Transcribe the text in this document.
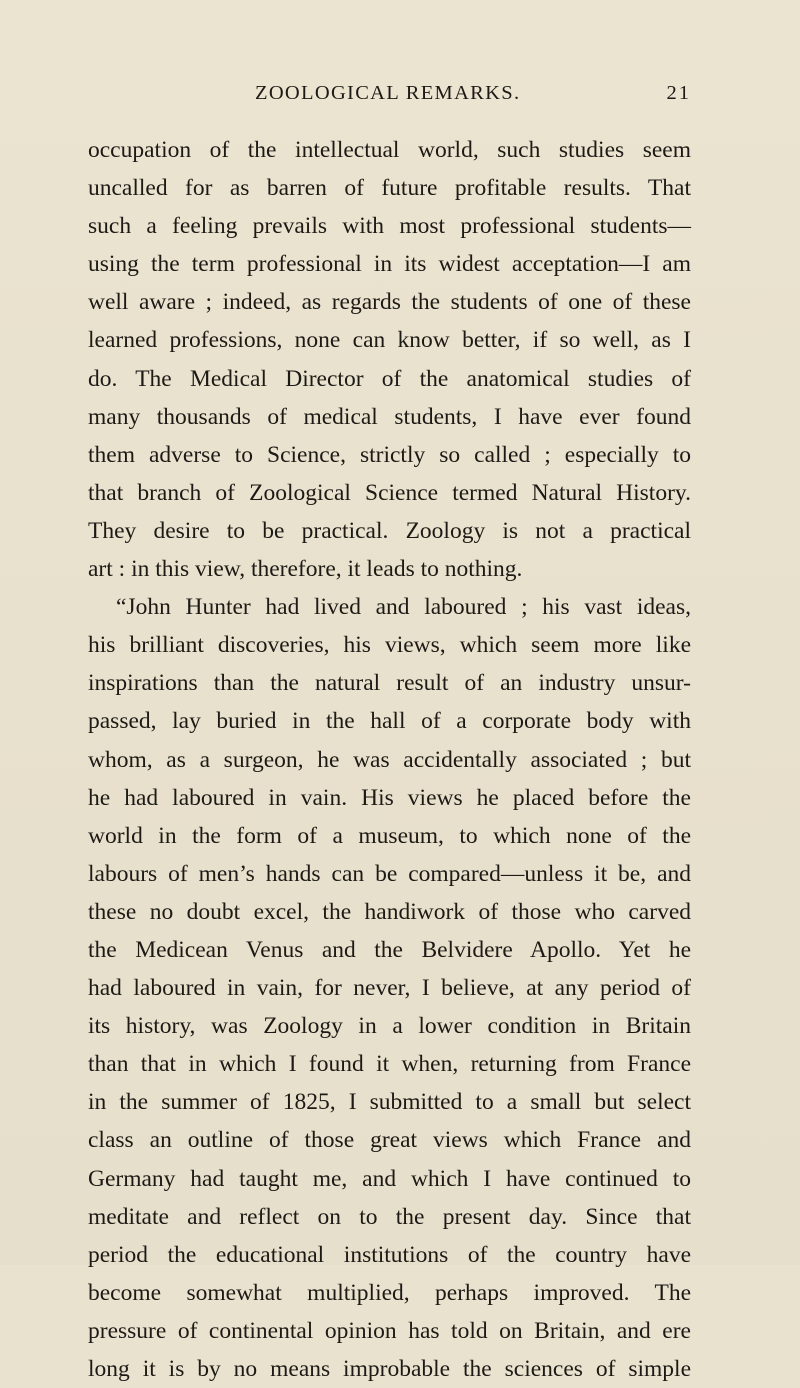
ZOOLOGICAL REMARKS.	21
occupation of the intellectual world, such studies seem
uncalled for as barren of future profitable results. That
such a feeling prevails with most professional students—
using the term professional in its widest acceptation—I am
well aware ; indeed, as regards the students of one of these
learned professions, none can know better, if so well, as I
do. The Medical Director of the anatomical studies of
many thousands of medical students, I have ever found
them adverse to Science, strictly so called ; especially to
that branch of Zoological Science termed Natural History.
They desire to be practical. Zoology is not a practical
art : in this view, therefore, it leads to nothing.
“John Hunter had lived and laboured ; his vast ideas,
his brilliant discoveries, his views, which seem more like
inspirations than the natural result of an industry unsur-
passed, lay buried in the hall of a corporate body with
whom, as a surgeon, he was accidentally associated ; but
he had laboured in vain. His views he placed before the
world in the form of a museum, to which none of the
labours of men’s hands can be compared—unless it be, and
these no doubt excel, the handiwork of those who carved
the Medicean Venus and the Belvidere Apollo. Yet he
had laboured in vain, for never, I believe, at any period of
its history, was Zoology in a lower condition in Britain
than that in which I found it when, returning from France
in the summer of 1825, I submitted to a small but select
class an outline of those great views which France and
Germany had taught me, and which I have continued to
meditate and reflect on to the present day. Since that
period the educational institutions of the country have
become somewhat multiplied, perhaps improved. The
pressure of continental opinion has told on Britain, and ere
long it is by no means improbable the sciences of simple
